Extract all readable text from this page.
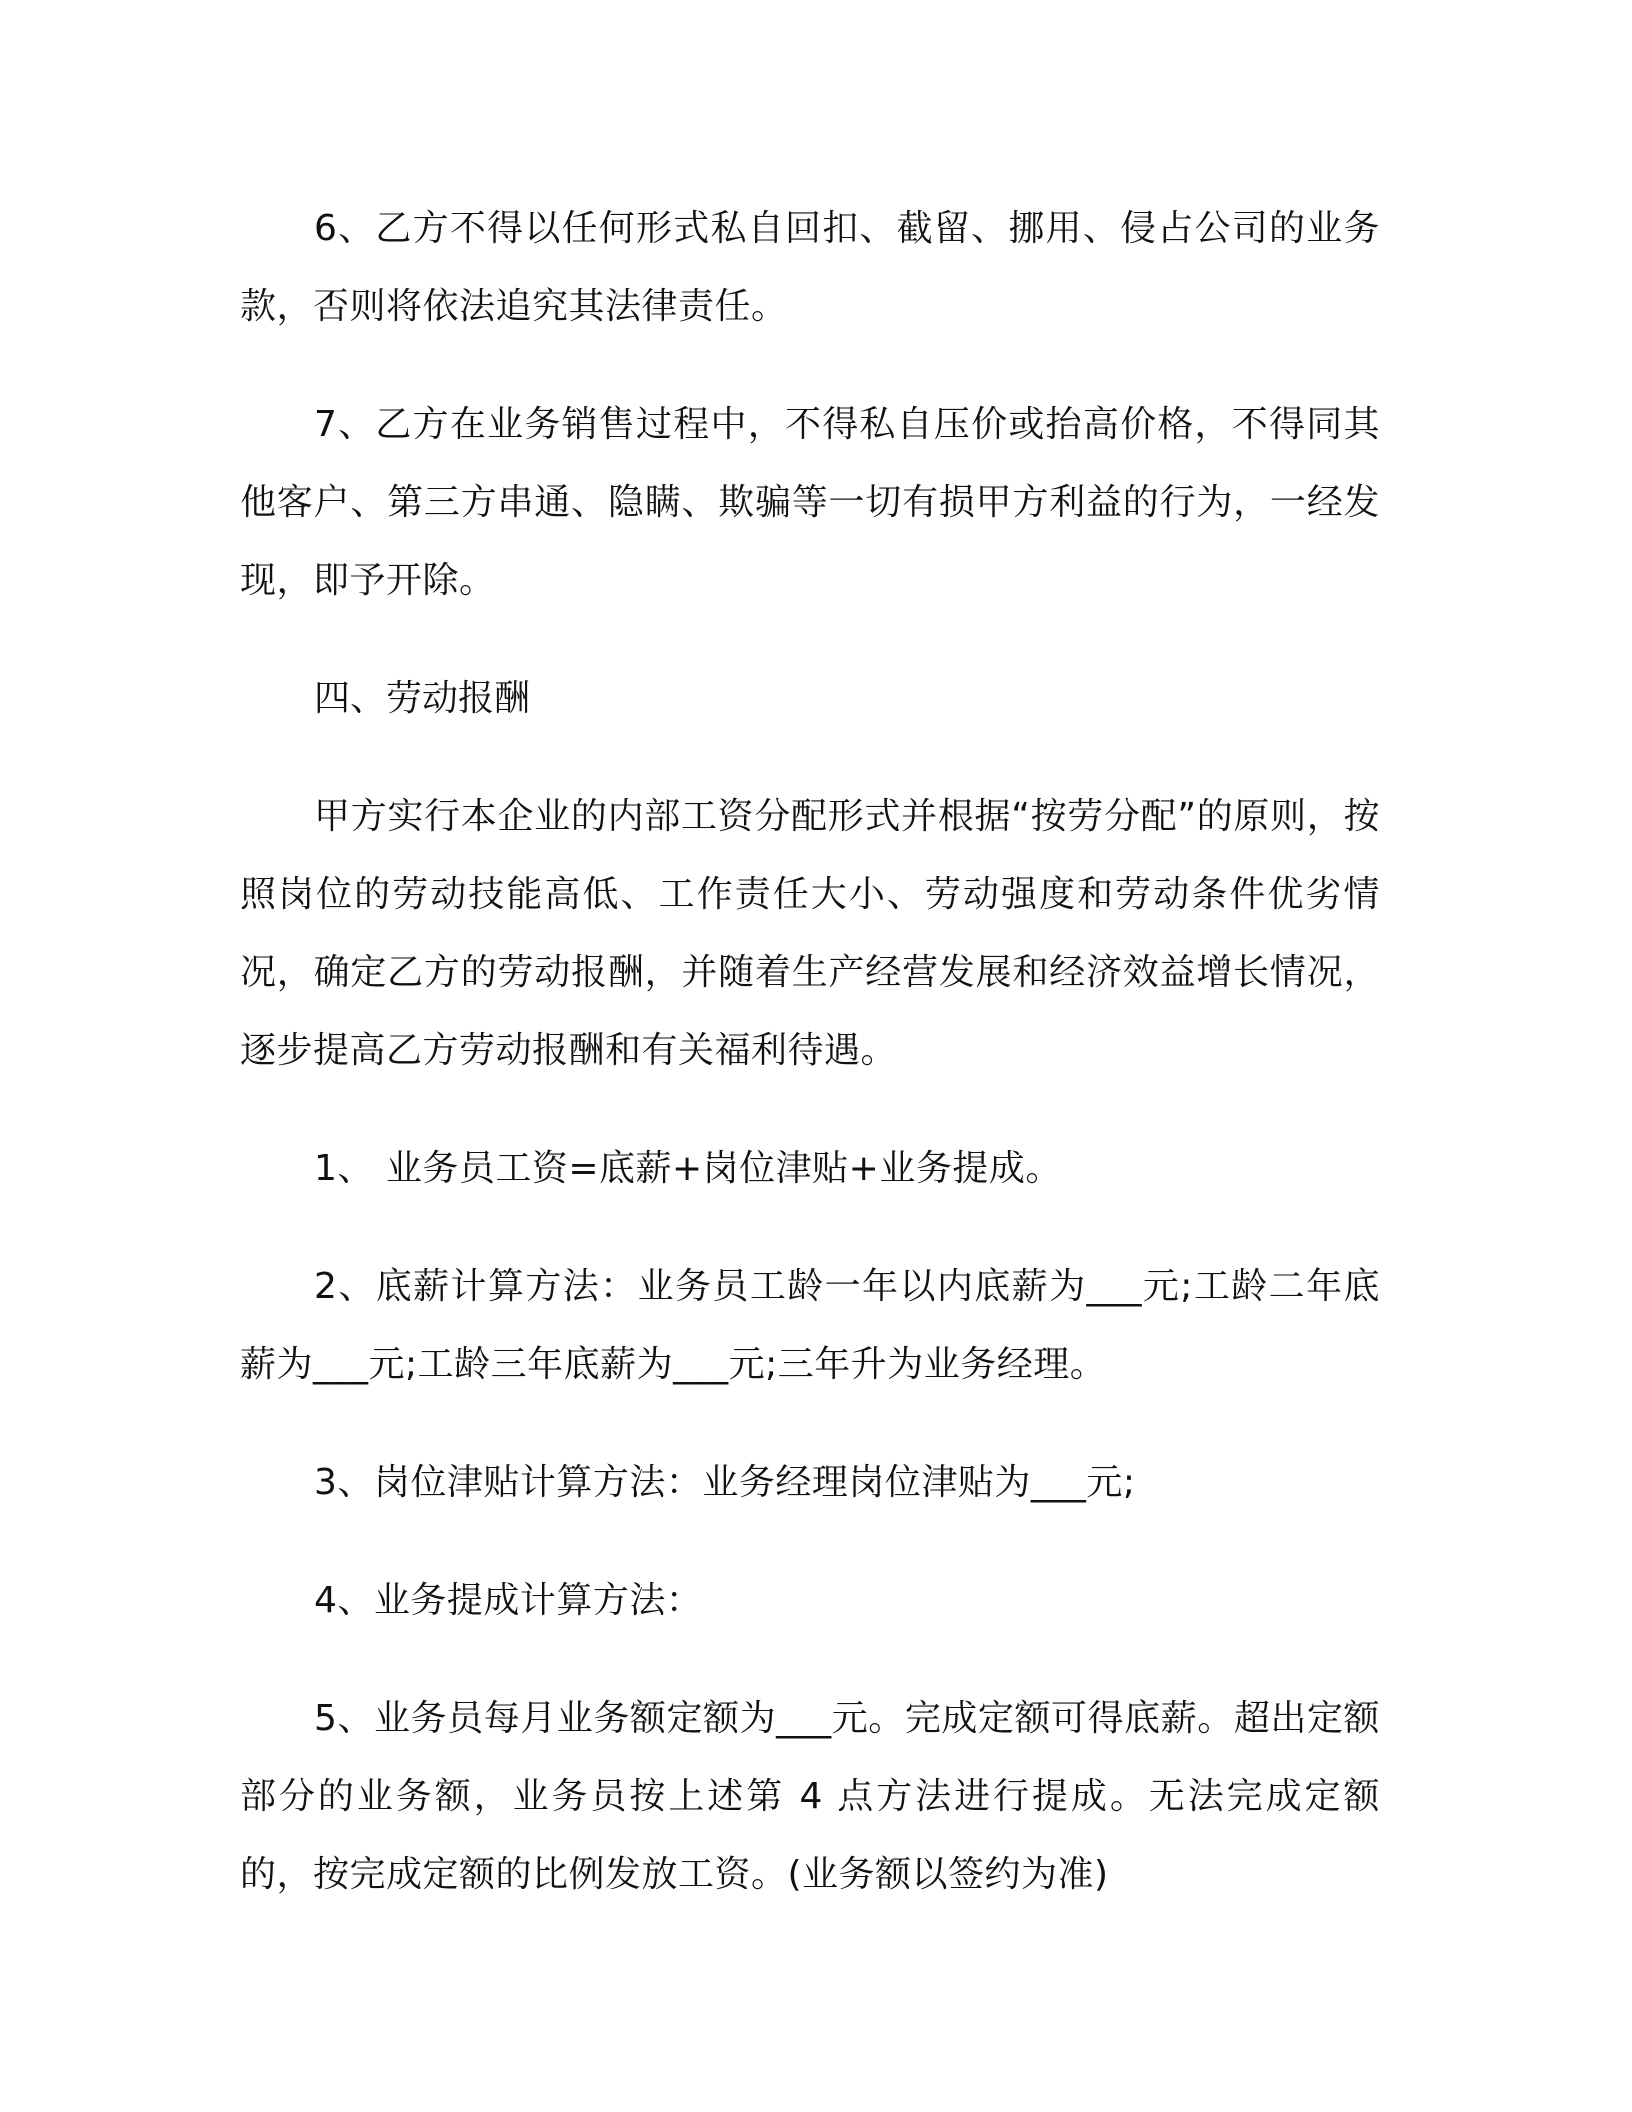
6、乙方不得以任何形式私自回扣、截留、挪用、侵占公司的业务款，否则将依法追究其法律责任。

7、乙方在业务销售过程中，不得私自压价或抬高价格，不得同其他客户、第三方串通、隐瞒、欺骗等一切有损甲方利益的行为，一经发现，即予开除。

四、劳动报酬

甲方实行本企业的内部工资分配形式并根据“按劳分配”的原则，按照岗位的劳动技能高低、工作责任大小、劳动强度和劳动条件优劣情况，确定乙方的劳动报酬，并随着生产经营发展和经济效益增长情况，逐步提高乙方劳动报酬和有关福利待遇。

1、 业务员工资=底薪+岗位津贴+业务提成。

2、底薪计算方法：业务员工龄一年以内底薪为___元;工龄二年底薪为___元;工龄三年底薪为___元;三年升为业务经理。

3、岗位津贴计算方法：业务经理岗位津贴为___元;

4、业务提成计算方法：

5、业务员每月业务额定额为___元。完成定额可得底薪。超出定额部分的业务额，业务员按上述第 4 点方法进行提成。无法完成定额的，按完成定额的比例发放工资。(业务额以签约为准)
